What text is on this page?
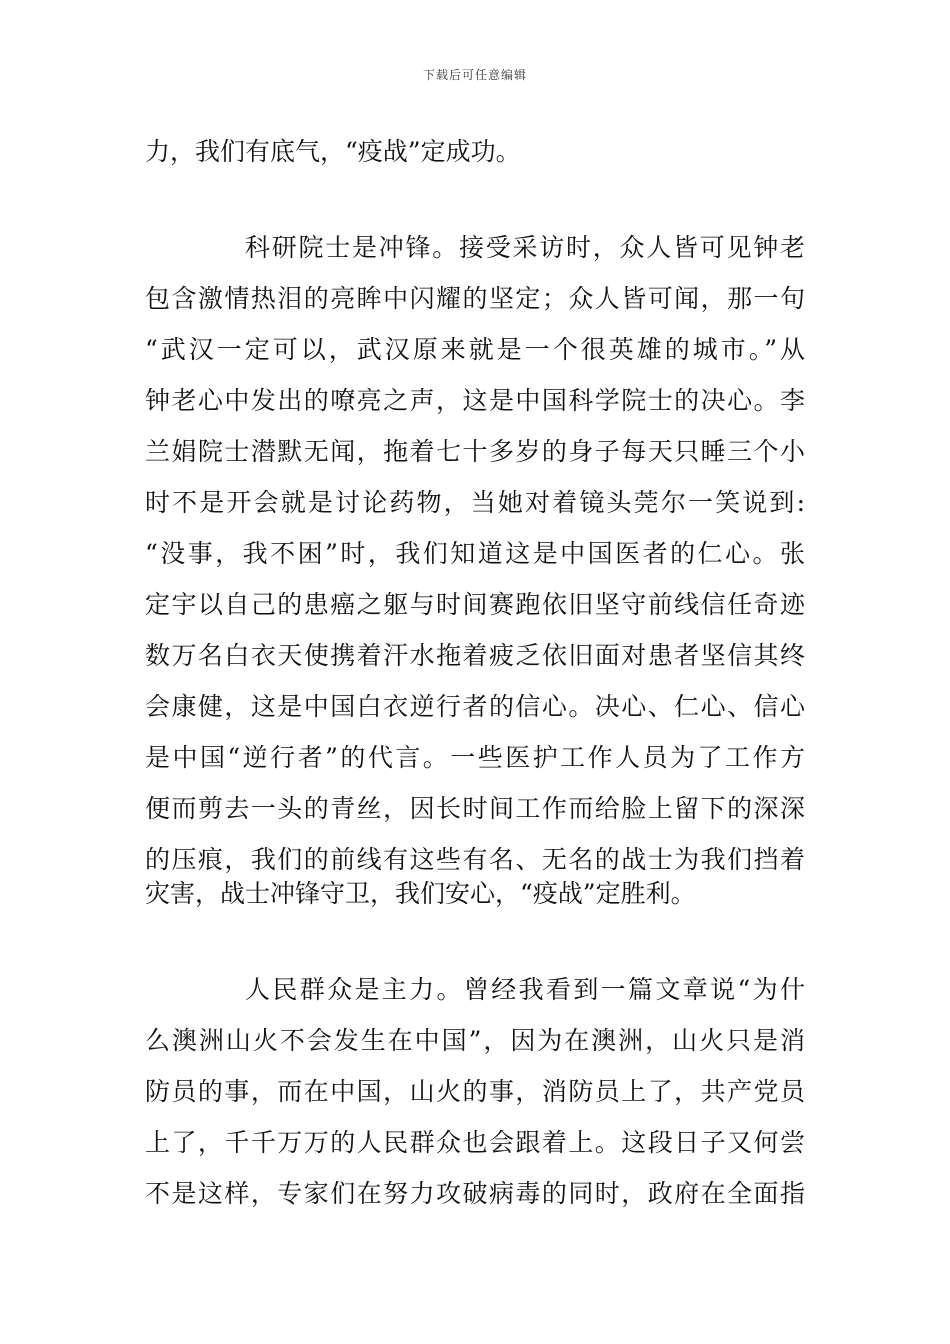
下载后可任意编辑
力，我们有底气，“疫战”定成功。
科研院士是冲锋。接受采访时，众人皆可见钟老
包含激情热泪的亮眸中闪耀的坚定；众人皆可闻，那一句
“武汉一定可以，武汉原来就是一个很英雄的城市。”从
钟老心中发出的嘹亮之声，这是中国科学院士的决心。李
兰娟院士潜默无闻，拖着七十多岁的身子每天只睡三个小
时不是开会就是讨论药物，当她对着镜头莞尔一笑说到:
“没事，我不困”时，我们知道这是中国医者的仁心。张
定宇以自己的患癌之躯与时间赛跑依旧坚守前线信任奇迹
数万名白衣天使携着汗水拖着疲乏依旧面对患者坚信其终
会康健，这是中国白衣逆行者的信心。决心、仁心、信心
是中国“逆行者”的代言。一些医护工作人员为了工作方
便而剪去一头的青丝，因长时间工作而给脸上留下的深深
的压痕，我们的前线有这些有名、无名的战士为我们挡着
灾害，战士冲锋守卫，我们安心，“疫战”定胜利。
人民群众是主力。曾经我看到一篇文章说“为什
么澳洲山火不会发生在中国”，因为在澳洲，山火只是消
防员的事，而在中国，山火的事，消防员上了，共产党员
上了，千千万万的人民群众也会跟着上。这段日子又何尝
不是这样，专家们在努力攻破病毒的同时，政府在全面指
